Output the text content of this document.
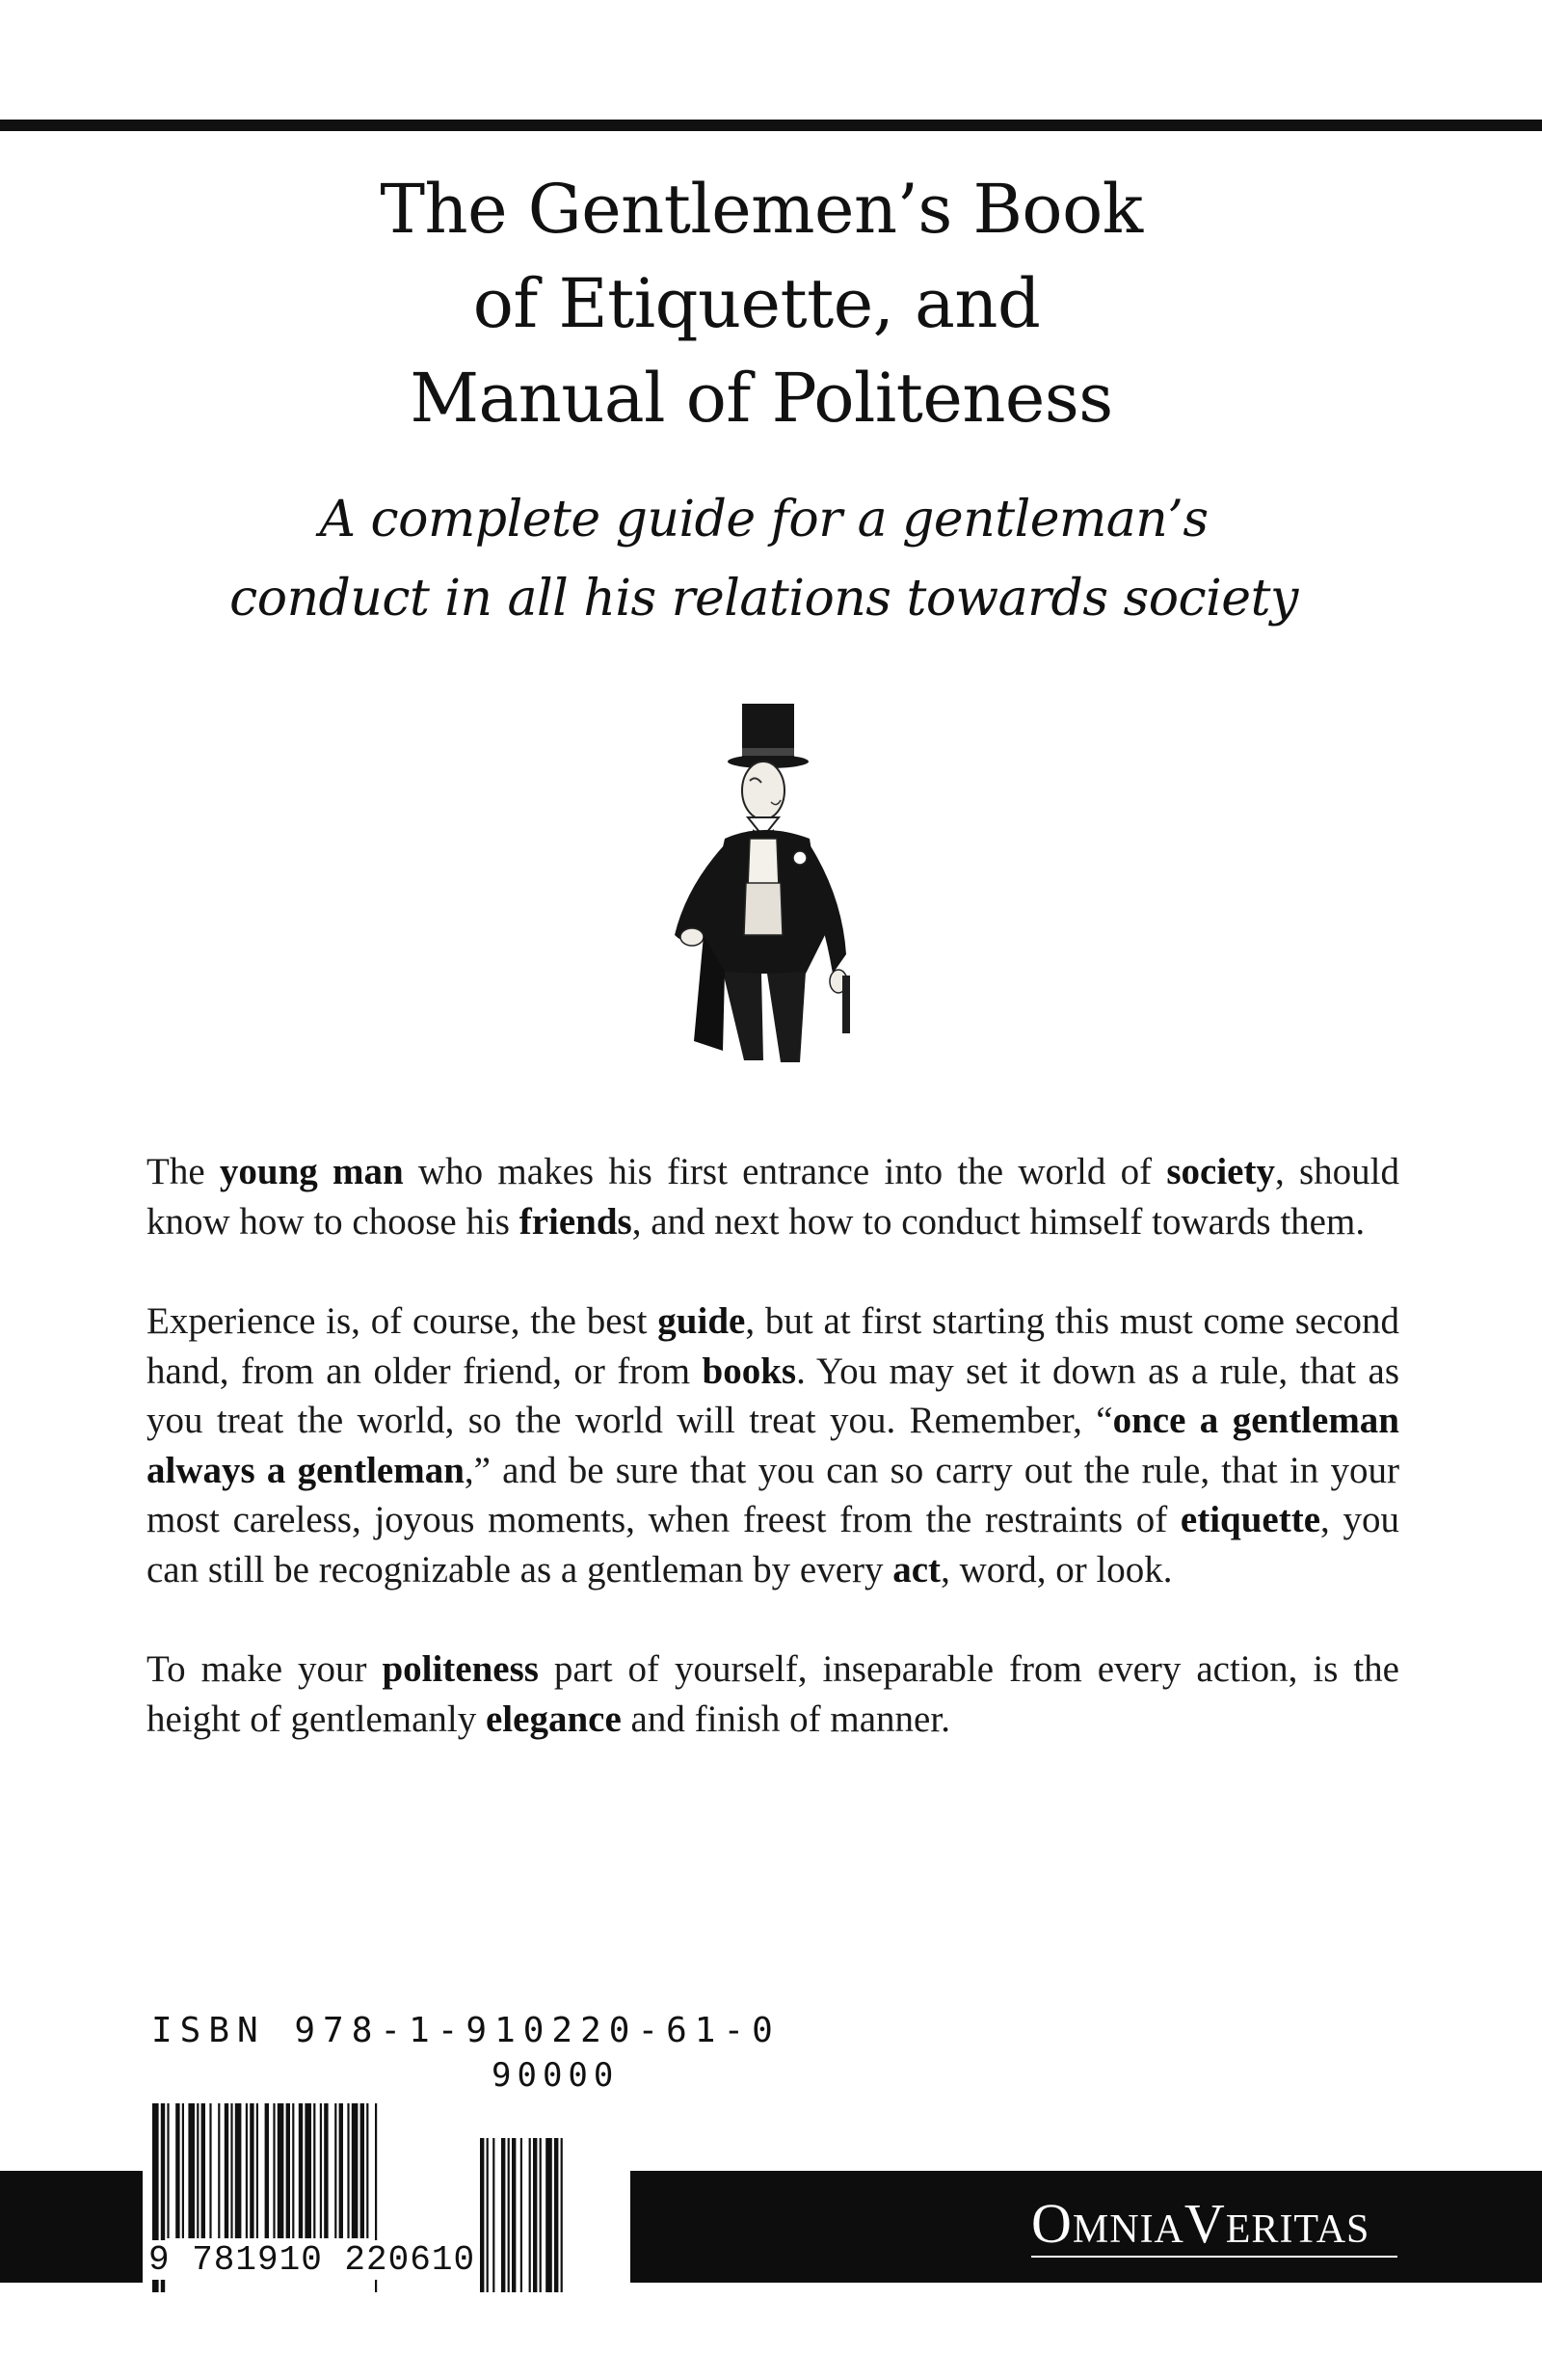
The Gentlemen’s Book
of Etiquette, and
Manual of Politeness
A complete guide for a gentleman’s
conduct in all his relations towards society

The young man who makes his first entrance into the world of society, should know how to choose his friends, and next how to conduct himself towards them.

Experience is, of course, the best guide, but at first starting this must come second hand, from an older friend, or from books. You may set it down as a rule, that as you treat the world, so the world will treat you. Remember, “once a gentleman always a gentleman,” and be sure that you can so carry out the rule, that in your most careless, joyous moments, when freest from the restraints of etiquette, you can still be recognizable as a gentleman by every act, word, or look.

To make your politeness part of yourself, inseparable from every action, is the height of gentlemanly elegance and finish of manner.

ISBN 978-1-910220-61-0
90000
9 781910 220610
OMNIAVERITAS
